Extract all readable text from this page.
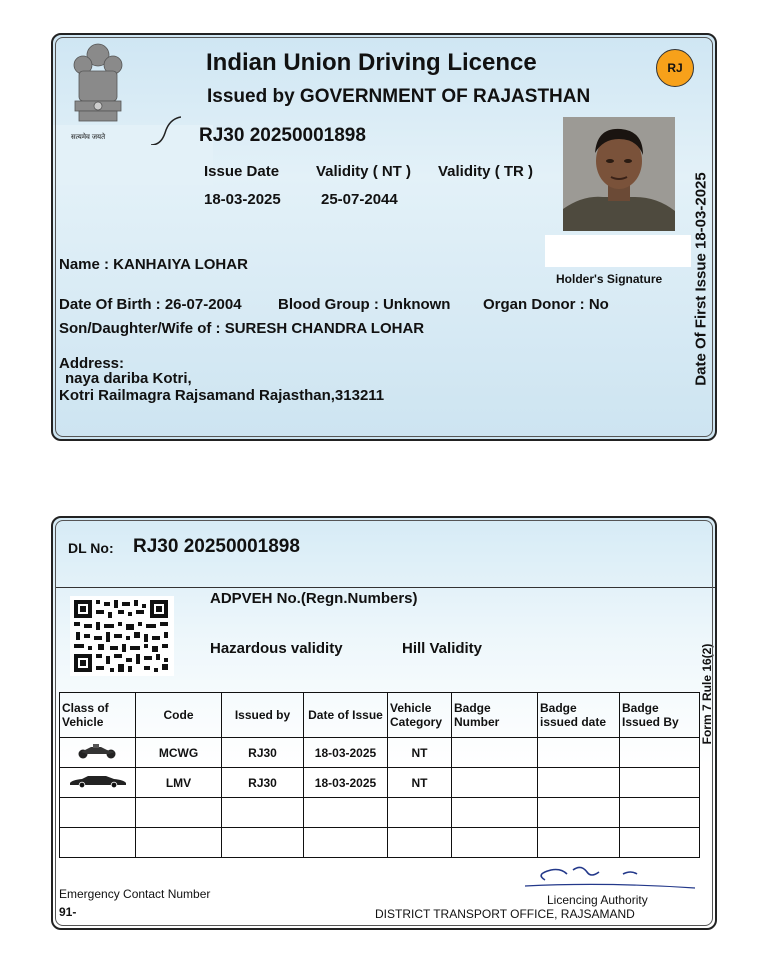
सत्यमेव जयते
Indian Union Driving Licence
Issued by GOVERNMENT OF RAJASTHAN
RJ
RJ30 20250001898
Issue Date Validity ( NT ) Validity ( TR )
18-03-2025	25-07-2044
Name : KANHAIYA LOHAR
Holder's Signature
Date Of Birth : 26-07-2004 Blood Group : Unknown Organ Donor : No
Son/Daughter/Wife of : SURESH CHANDRA LOHAR
Address:
naya dariba Kotri,
Kotri Railmagra Rajsamand Rajasthan,313211
Date Of First Issue 18-03-2025
DL No: RJ30 20250001898
ADPVEH No.(Regn.Numbers)
Hazardous validity	Hill Validity
Class of Vehicle	Code	Issued by	Date of Issue	Vehicle Category	Badge Number	Badge issued date	Badge Issued By
	MCWG	RJ30	18-03-2025	NT			
	LMV	RJ30	18-03-2025	NT			

Form 7 Rule 16(2)
Emergency Contact Number
91-
Licencing Authority
DISTRICT TRANSPORT OFFICE, RAJSAMAND
